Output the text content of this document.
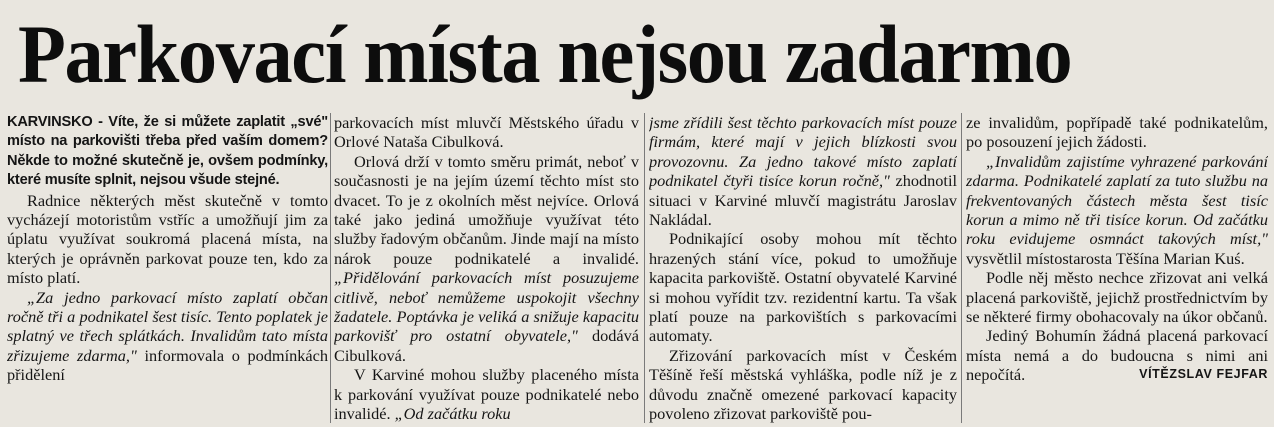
Parkovací místa nejsou zadarmo

KARVINSKO - Víte, že si můžete zaplatit „své" místo na parkovišti třeba před vaším domem? Někde to možné skutečně je, ovšem podmínky, které musíte splnit, nejsou všude stejné.

Radnice některých měst skutečně v tomto vycházejí motoristům vstříc a umožňují jim za úplatu využívat soukromá placená místa, na kterých je oprávněn parkovat pouze ten, kdo za místo platí.

„Za jedno parkovací místo zaplatí občan ročně tři a podnikatel šest tisíc. Tento poplatek je splatný ve třech splátkách. Invalidům tato místa zřizujeme zdarma," informovala o podmínkách přidělení

parkovacích míst mluvčí Městského úřadu v Orlové Nataša Cibulková.

Orlová drží v tomto směru primát, neboť v současnosti je na jejím území těchto míst sto dvacet. To je z okolních měst nejvíce. Orlová také jako jediná umožňuje využívat této služby řadovým občanům. Jinde mají na místo nárok pouze podnikatelé a invalidé. „Přidělování parkovacích míst posuzujeme citlivě, neboť nemůžeme uspokojit všechny žadatele. Poptávka je veliká a snižuje kapacitu parkovišť pro ostatní obyvatele," dodává Cibulková.

V Karviné mohou služby placeného místa k parkování využívat pouze podnikatelé nebo invalidé. „Od začátku roku

jsme zřídili šest těchto parkovacích míst pouze firmám, které mají v jejich blízkosti svou provozovnu. Za jedno takové místo zaplatí podnikatel čtyři tisíce korun ročně," zhodnotil situaci v Karviné mluvčí magistrátu Jaroslav Nakládal.

Podnikající osoby mohou mít těchto hrazených stání více, pokud to umožňuje kapacita parkoviště. Ostatní obyvatelé Karviné si mohou vyřídit tzv. rezidentní kartu. Ta však platí pouze na parkovištích s parkovacími automaty.

Zřizování parkovacích míst v Českém Těšíně řeší městská vyhláška, podle níž je z důvodu značně omezené parkovací kapacity povoleno zřizovat parkoviště pou-

ze invalidům, popřípadě také podnikatelům, po posouzení jejich žádosti.

„Invalidům zajistíme vyhrazené parkování zdarma. Podnikatelé zaplatí za tuto službu na frekventovaných částech města šest tisíc korun a mimo ně tři tisíce korun. Od začátku roku evidujeme osmnáct takových míst," vysvětlil místostarosta Těšína Marian Kuś.

Podle něj město nechce zřizovat ani velká placená parkoviště, jejichž prostřednictvím by se některé firmy obohacovaly na úkor občanů.

Jediný Bohumín žádná placená parkovací místa nemá a do budoucna s nimi ani nepočítá.	VÍTĚZSLAV FEJFAR
